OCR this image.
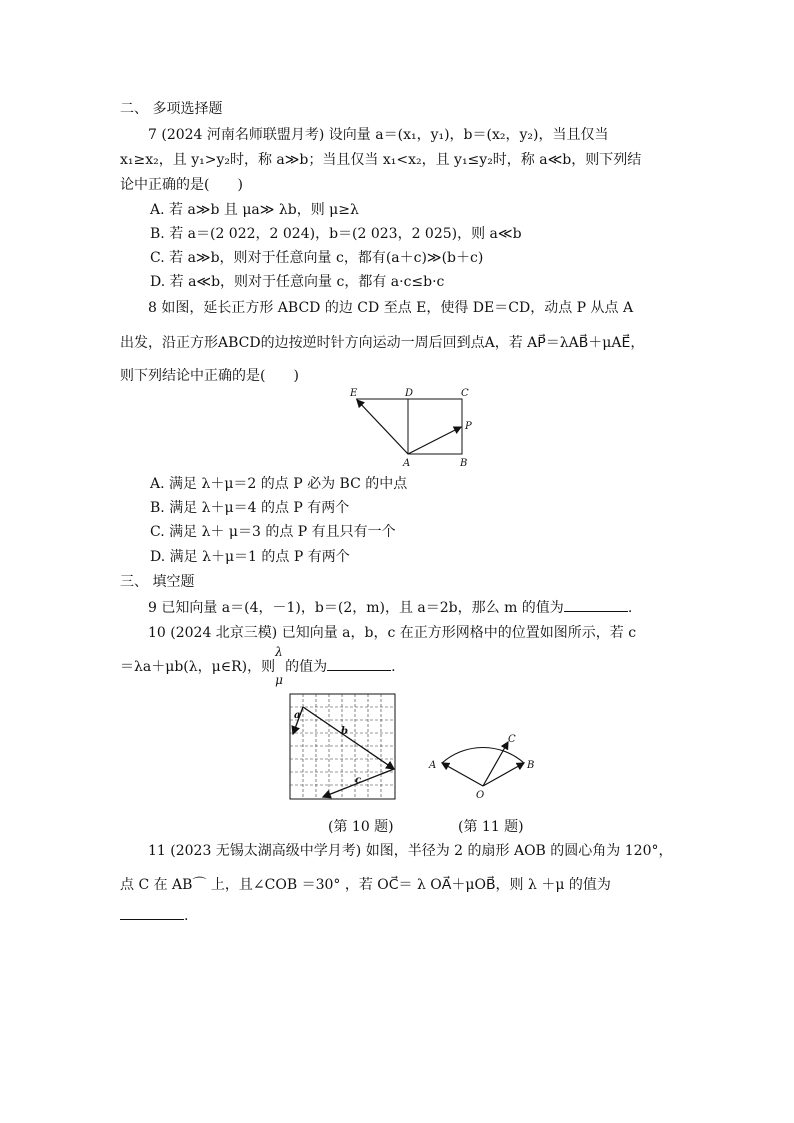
二、 多项选择题
7 (2024 河南名师联盟月考) 设向量 a＝(x₁，y₁)，b＝(x₂，y₂)，当且仅当
x₁≥x₂，且 y₁>y₂时，称 a≫b；当且仅当 x₁<x₂，且 y₁≤y₂时，称 a≪b，则下列结
论中正确的是(　　)
A. 若 a≫b 且 μa≫ λb，则 μ≥λ
B. 若 a＝(2 022，2 024)，b＝(2 023，2 025)，则 a≪b
C. 若 a≫b，则对于任意向量 c，都有(a＋c)≫(b＋c)
D. 若 a≪b，则对于任意向量 c，都有 a·c≤b·c
8 如图，延长正方形 ABCD 的边 CD 至点 E，使得 DE＝CD，动点 P 从点 A
出发，沿正方形ABCD的边按逆时针方向运动一周后回到点A，若 AP⃗＝λAB⃗＋μAE⃗，
则下列结论中正确的是(　　)
E	D	C
P
A	B
A. 满足 λ＋μ＝2 的点 P 必为 BC 的中点
B. 满足 λ＋μ＝4 的点 P 有两个
C. 满足 λ＋ μ＝3 的点 P 有且只有一个
D. 满足 λ＋μ＝1 的点 P 有两个
三、 填空题
9 已知向量 a＝(4，－1)，b＝(2，m)，且 a＝2b，那么 m 的值为	.
10 (2024 北京三模) 已知向量 a，b，c 在正方形网格中的位置如图所示，若 c
＝λa＋μb(λ，μ∈R)，则
λ
μ
的值为	.
a
b
c
A	B
C
O
(第 10 题)	(第 11 题)
11 (2023 无锡太湖高级中学月考) 如图，半径为 2 的扇形 AOB 的圆心角为 120°，
点 C 在 AB⌒ 上，且∠COB ＝30° ，若 OC⃗＝ λ OA⃗＋μOB⃗，则 λ ＋μ 的值为
.
